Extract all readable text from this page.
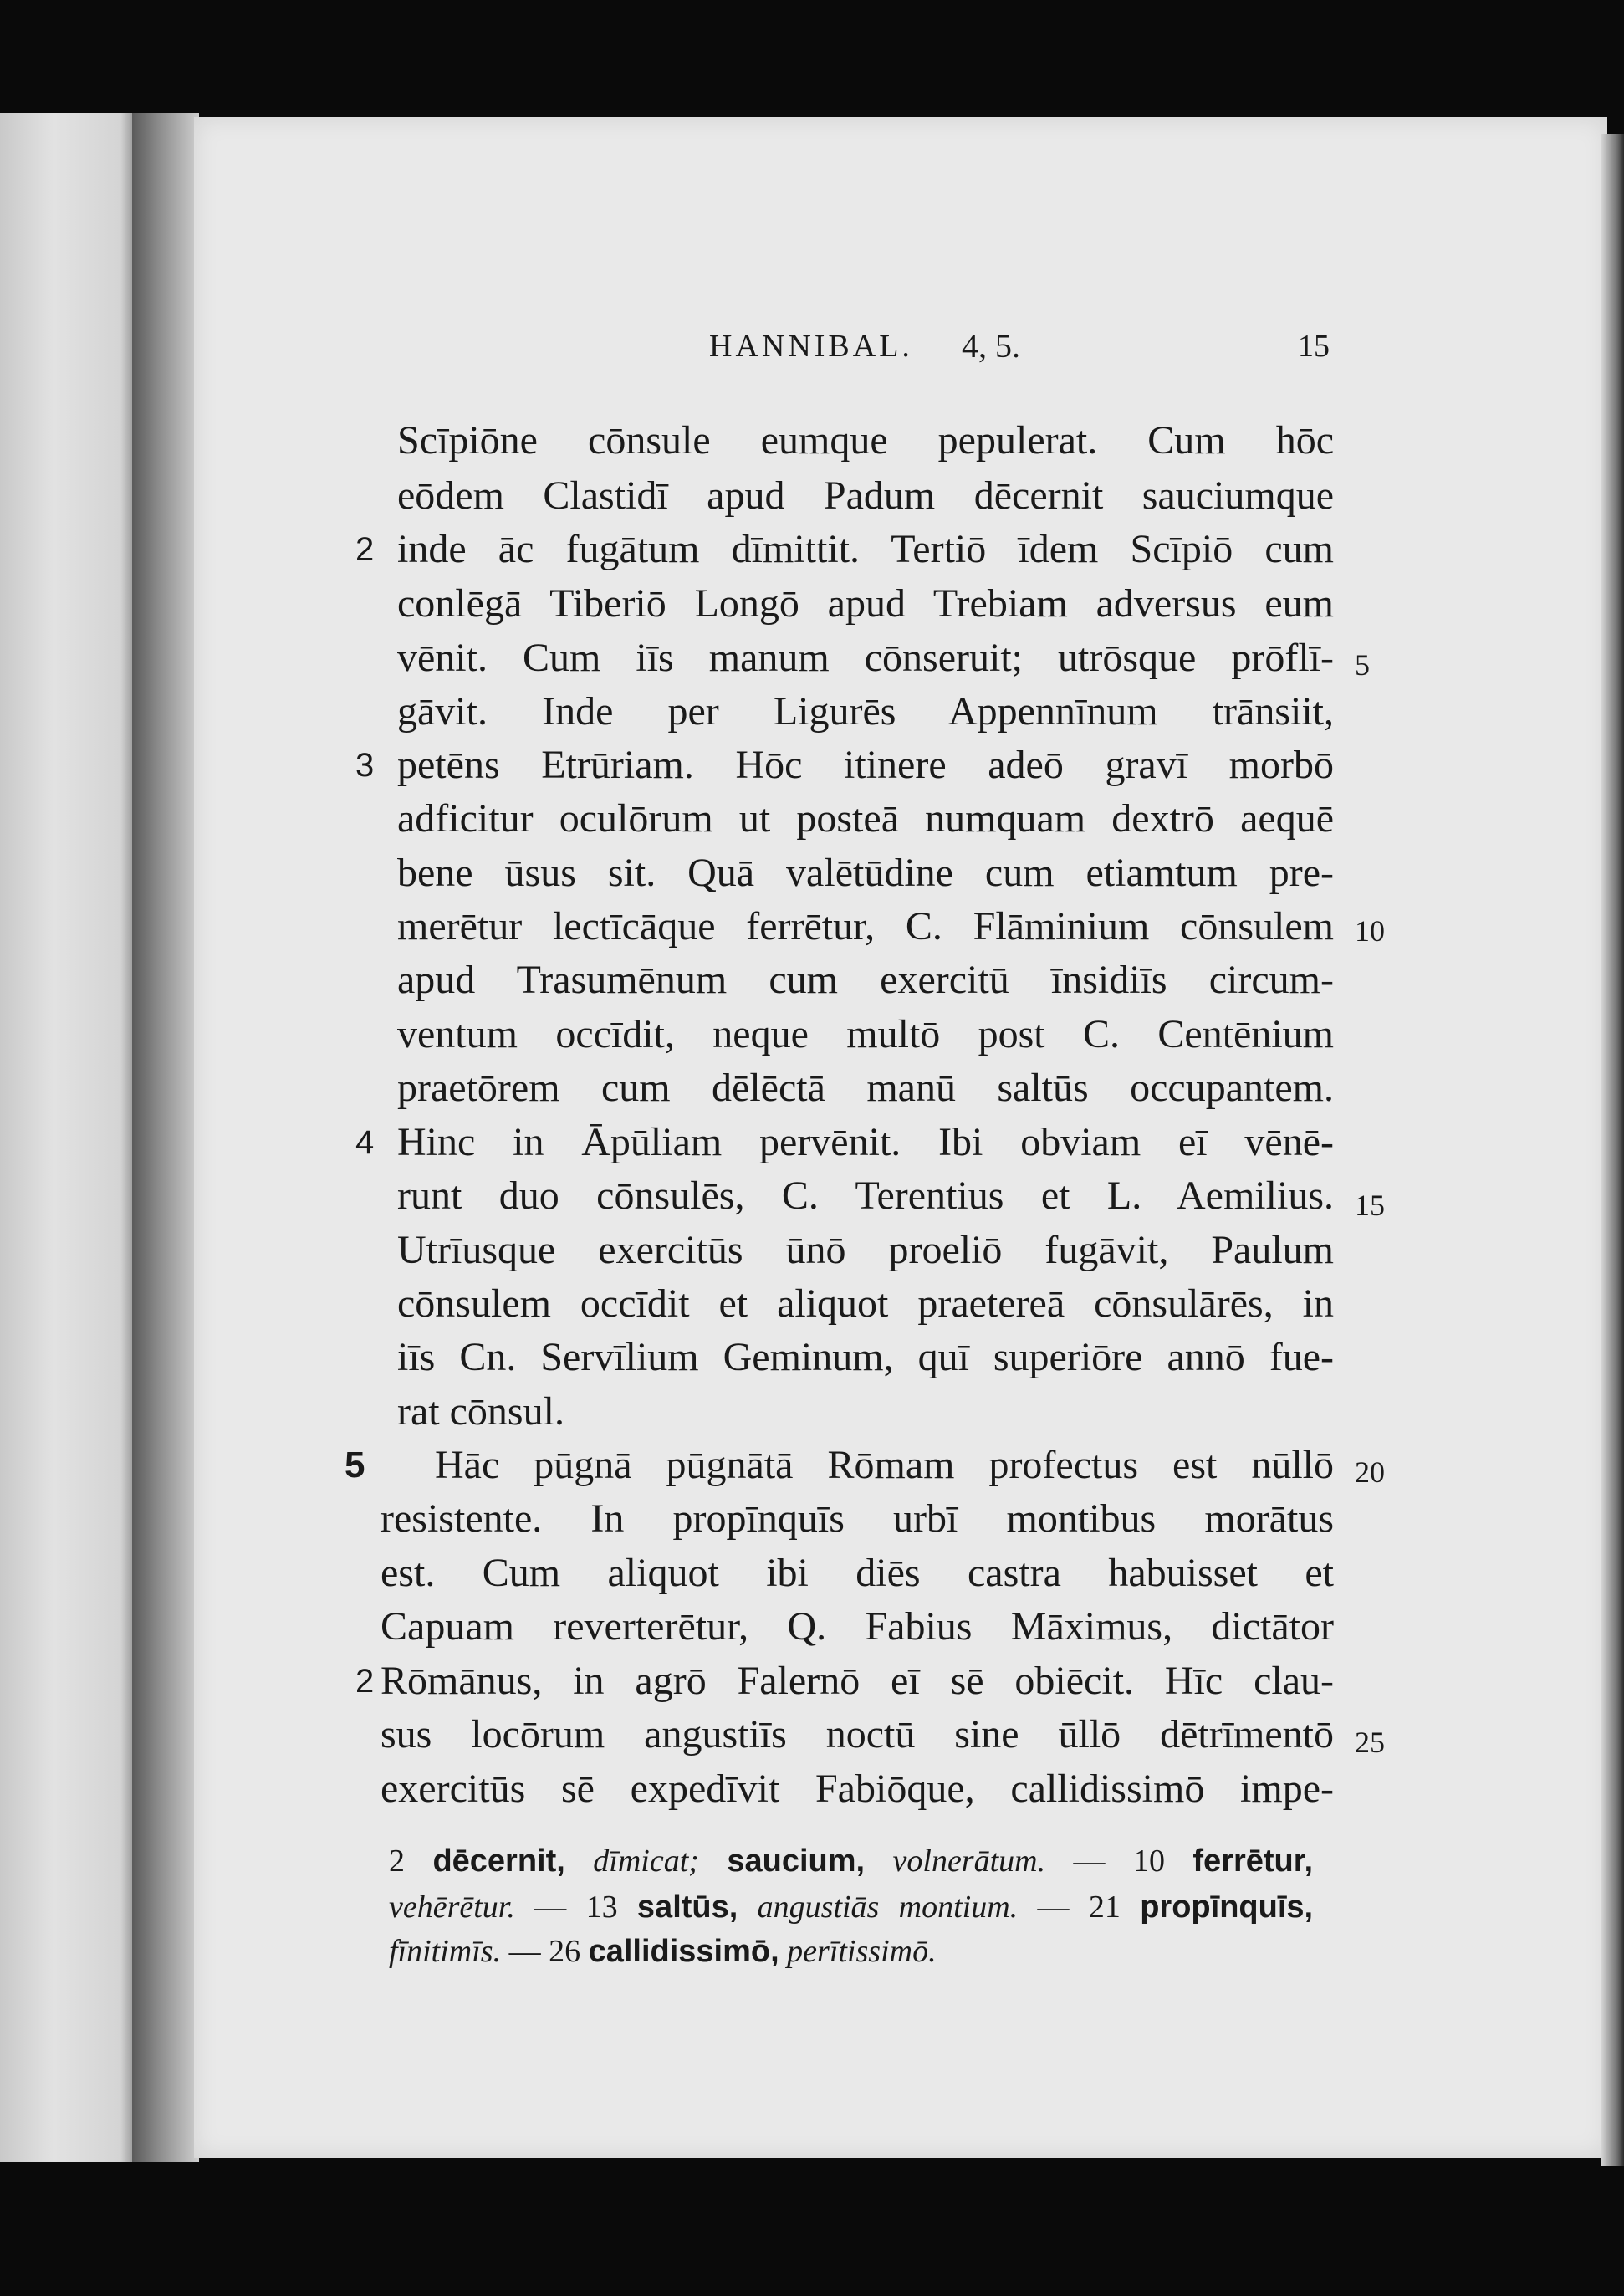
HANNIBAL. 4, 5.	15
Scīpiōne cōnsule eumque pepulerat. Cum hōc
eōdem Clastidī apud Padum dēcernit sauciumque
inde āc fugātum dīmittit. Tertiō īdem Scīpiō cum
conlēgā Tiberiō Longō apud Trebiam adversus eum
vēnit. Cum iīs manum cōnseruit; utrōsque prōflī-
gāvit. Inde per Ligurēs Appennīnum trānsiit,
petēns Etrūriam. Hōc itinere adeō gravī morbō
adficitur oculōrum ut posteā numquam dextrō aequē
bene ūsus sit. Quā valētūdine cum etiamtum pre-
merētur lectīcāque ferrētur, C. Flāminium cōnsulem
apud Trasumēnum cum exercitū īnsidiīs circum-
ventum occīdit, neque multō post C. Centēnium
praetōrem cum dēlēctā manū saltūs occupantem.
Hinc in Āpūliam pervēnit. Ibi obviam eī vēnē-
runt duo cōnsulēs, C. Terentius et L. Aemilius.
Utrīusque exercitūs ūnō proeliō fugāvit, Paulum
cōnsulem occīdit et aliquot praetereā cōnsulārēs, in
iīs Cn. Servīlium Geminum, quī superiōre annō fue-
rat cōnsul.
Hāc pūgnā pūgnātā Rōmam profectus est nūllō
resistente. In propīnquīs urbī montibus morātus
est. Cum aliquot ibi diēs castra habuisset et
Capuam reverterētur, Q. Fabius Māximus, dictātor
Rōmānus, in agrō Falernō eī sē obiēcit. Hīc clau-
sus locōrum angustiīs noctū sine ūllō dētrīmentō
exercitūs sē expedīvit Fabiōque, callidissimō impe-
2
3
4
5
2
5
10
15
20
25
2 dēcernit, dīmicat; saucium, volnerātum. — 10 ferrētur,
vehērētur. — 13 saltūs, angustiās montium. — 21 propīnquīs,
fīnitimīs. — 26 callidissimō, perītissimō.
